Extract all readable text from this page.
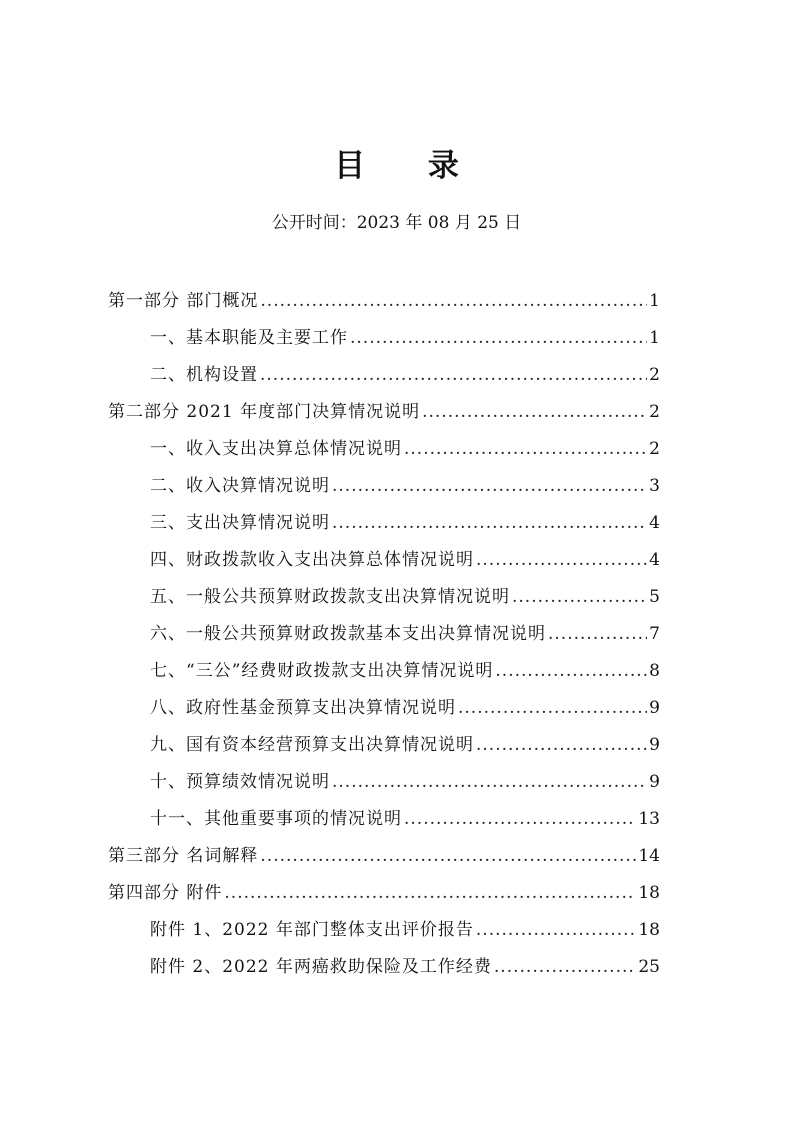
目 录
公开时间：2023 年 08 月 25 日
第一部分 部门概况 .....	1
一、基本职能及主要工作 .....	1
二、机构设置 .....	2
第二部分 2021 年度部门决算情况说明 .....	2
一、收入支出决算总体情况说明 .....	2
二、收入决算情况说明 .....	3
三、支出决算情况说明 .....	4
四、财政拨款收入支出决算总体情况说明 .....	4
五、一般公共预算财政拨款支出决算情况说明 .....	5
六、一般公共预算财政拨款基本支出决算情况说明 .....	7
七、“三公”经费财政拨款支出决算情况说明 .....	8
八、政府性基金预算支出决算情况说明 .....	9
九、国有资本经营预算支出决算情况说明 .....	9
十、预算绩效情况说明 .....	9
十一、其他重要事项的情况说明 .....	13
第三部分 名词解释 .....	14
第四部分 附件 .....	18
附件 1、2022 年部门整体支出评价报告 .....	18
附件 2、2022 年两癌救助保险及工作经费 .....	25
